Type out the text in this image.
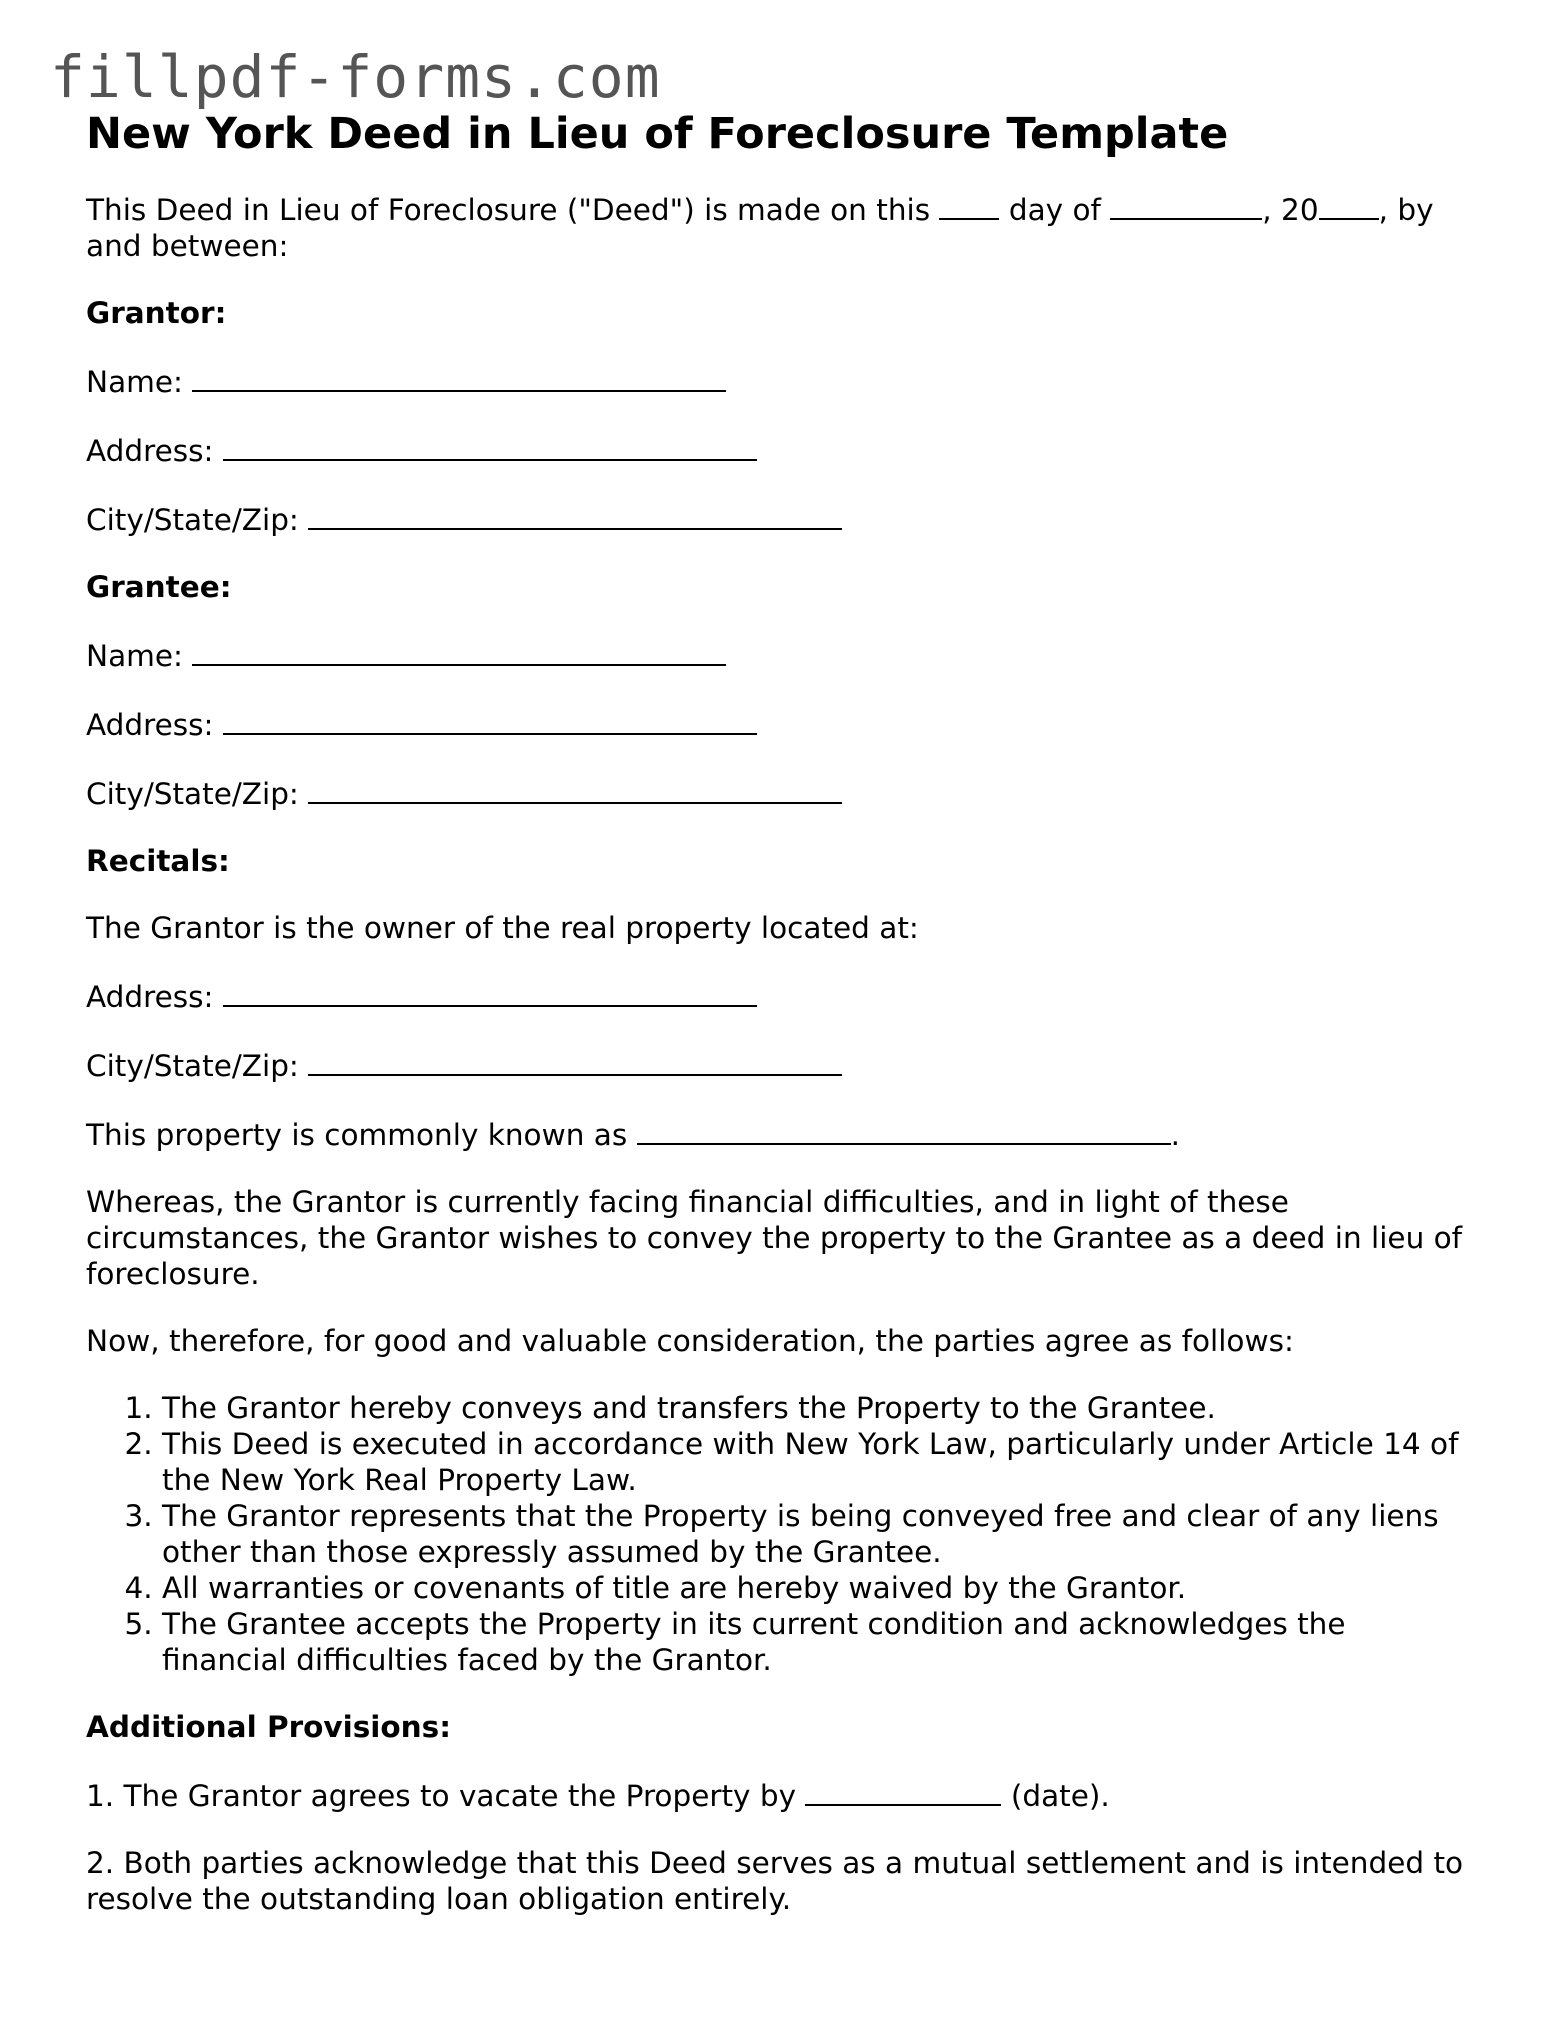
fillpdf-forms.com
New York Deed in Lieu of Foreclosure Template

This Deed in Lieu of Foreclosure ("Deed") is made on this  day of	, 20 , by and between:

Grantor:
Name:
Address:
City/State/Zip:
Grantee:
Name:
Address:
City/State/Zip:
Recitals:

The Grantor is the owner of the real property located at:

Address:
City/State/Zip:
This property is commonly known as	.

Whereas, the Grantor is currently facing financial difficulties, and in light of these circumstances, the Grantor wishes to convey the property to the Grantee as a deed in lieu of foreclosure.

Now, therefore, for good and valuable consideration, the parties agree as follows:

1. The Grantor hereby conveys and transfers the Property to the Grantee.
2. This Deed is executed in accordance with New York Law, particularly under Article 14 of the New York Real Property Law.
3. The Grantor represents that the Property is being conveyed free and clear of any liens other than those expressly assumed by the Grantee.
4. All warranties or covenants of title are hereby waived by the Grantor.
5. The Grantee accepts the Property in its current condition and acknowledges the financial difficulties faced by the Grantor.
Additional Provisions:
1. The Grantor agrees to vacate the Property by	(date).

2. Both parties acknowledge that this Deed serves as a mutual settlement and is intended to resolve the outstanding loan obligation entirely.
